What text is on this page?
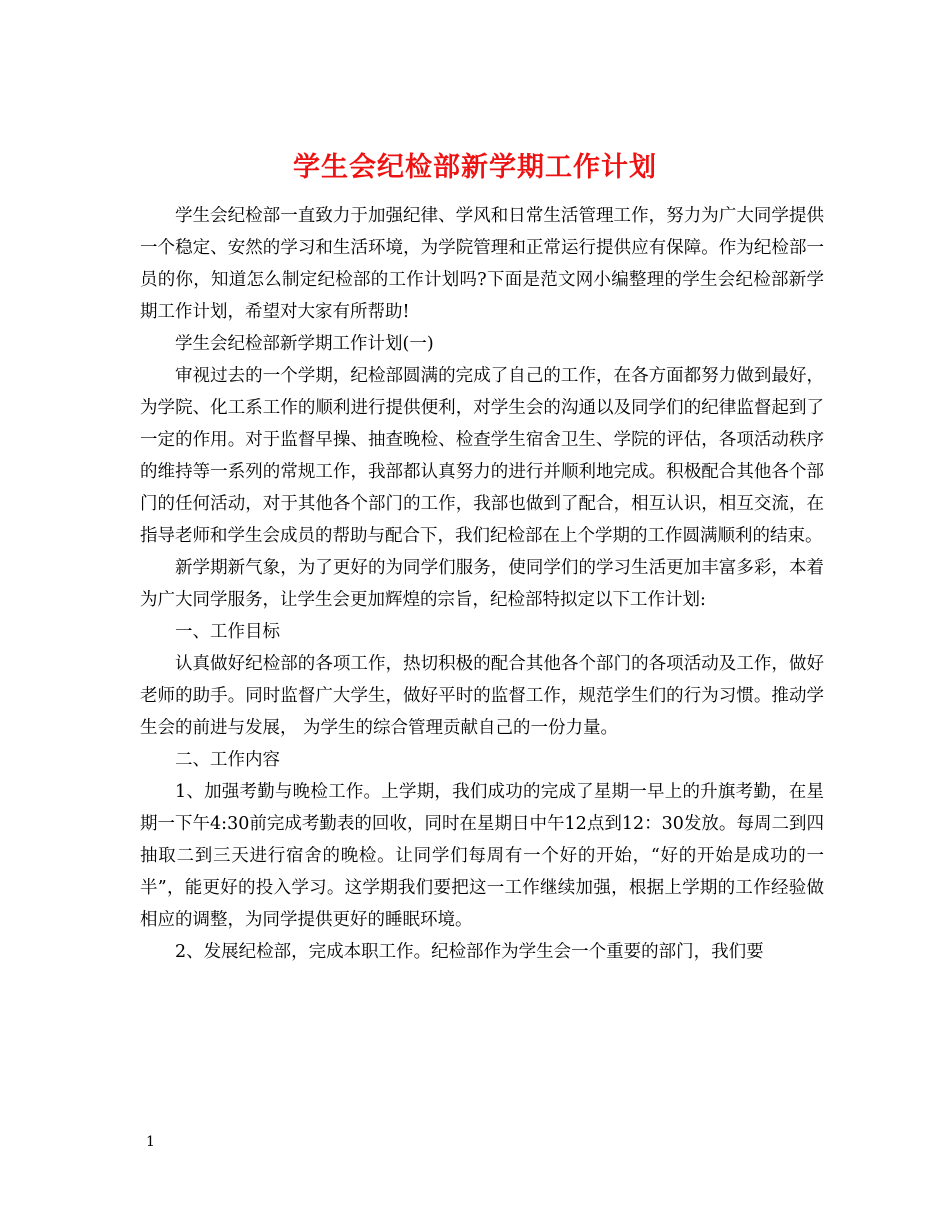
学生会纪检部新学期工作计划

学生会纪检部一直致力于加强纪律、学风和日常生活管理工作，努力为广大同学提供一个稳定、安然的学习和生活环境，为学院管理和正常运行提供应有保障。作为纪检部一员的你，知道怎么制定纪检部的工作计划吗?下面是范文网小编整理的学生会纪检部新学期工作计划，希望对大家有所帮助!

学生会纪检部新学期工作计划(一)

审视过去的一个学期，纪检部圆满的完成了自己的工作，在各方面都努力做到最好，为学院、化工系工作的顺利进行提供便利，对学生会的沟通以及同学们的纪律监督起到了一定的作用。对于监督早操、抽查晚检、检查学生宿舍卫生、学院的评估，各项活动秩序的维持等一系列的常规工作，我部都认真努力的进行并顺利地完成。积极配合其他各个部门的任何活动，对于其他各个部门的工作，我部也做到了配合，相互认识，相互交流，在指导老师和学生会成员的帮助与配合下，我们纪检部在上个学期的工作圆满顺利的结束。

新学期新气象，为了更好的为同学们服务，使同学们的学习生活更加丰富多彩，本着为广大同学服务，让学生会更加辉煌的宗旨，纪检部特拟定以下工作计划:

一、工作目标

认真做好纪检部的各项工作，热切积极的配合其他各个部门的各项活动及工作，做好老师的助手。同时监督广大学生，做好平时的监督工作，规范学生们的行为习惯。推动学生会的前进与发展， 为学生的综合管理贡献自己的一份力量。

二、工作内容

1、加强考勤与晚检工作。上学期，我们成功的完成了星期一早上的升旗考勤，在星期一下午4:30前完成考勤表的回收，同时在星期日中午12点到12：30发放。每周二到四抽取二到三天进行宿舍的晚检。让同学们每周有一个好的开始，“好的开始是成功的一半”，能更好的投入学习。这学期我们要把这一工作继续加强，根据上学期的工作经验做相应的调整，为同学提供更好的睡眠环境。

2、发展纪检部，完成本职工作。纪检部作为学生会一个重要的部门，我们要

1
